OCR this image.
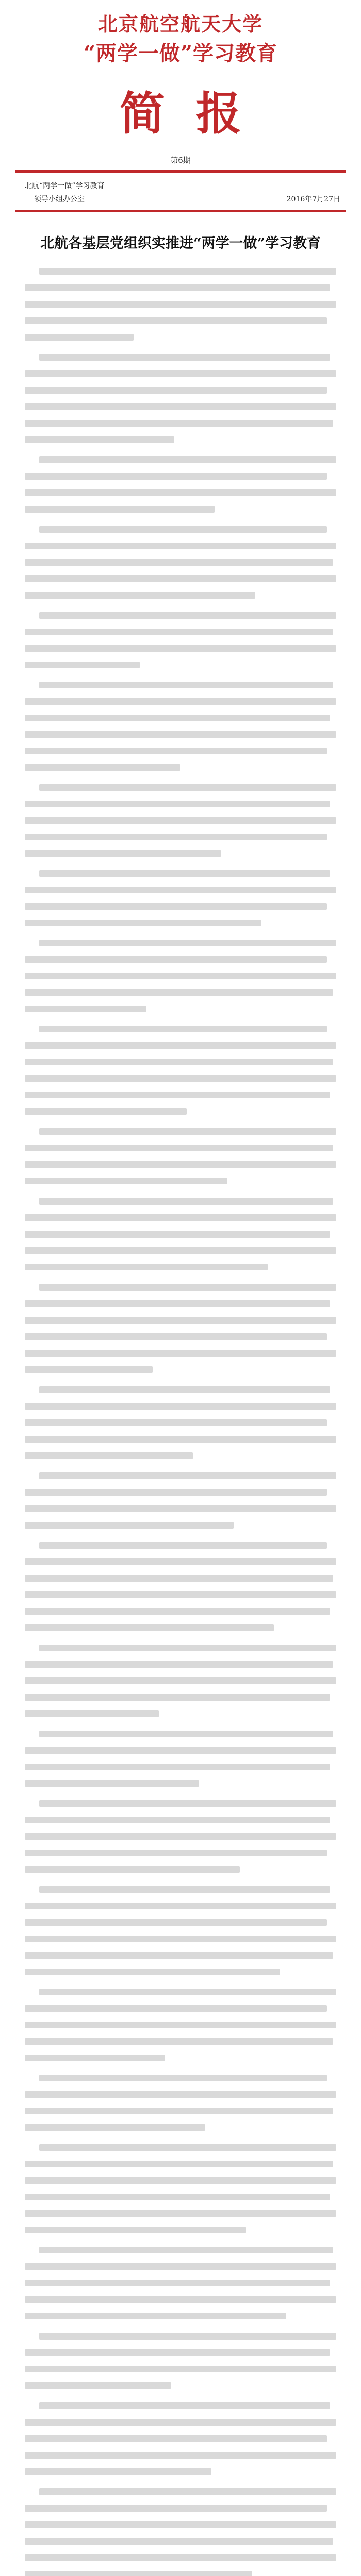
北京航空航天大学
“两学一做”学习教育
简报
第6期
北航“两学一做”学习教育
领导小组办公室	2016年7月27日
北航各基层党组织实推进“两学一做”学习教育
